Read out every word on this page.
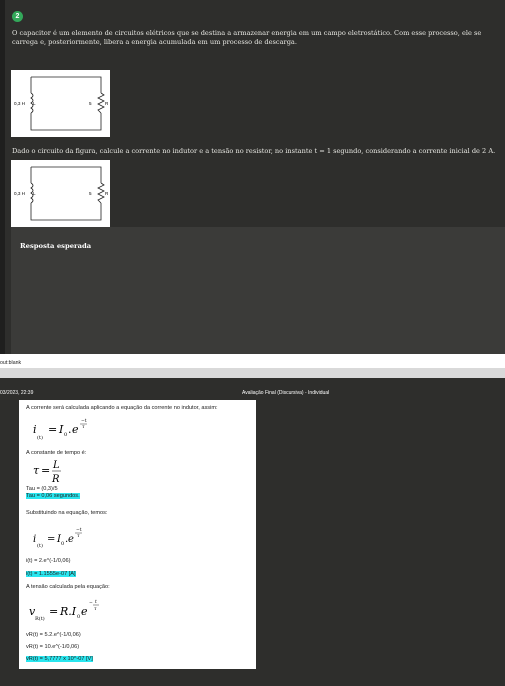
2

O capacitor é um elemento de circuitos elétricos que se destina a armazenar energia em um campo eletrostático. Com esse processo, ele se carrega e, posteriormente, libera a energia acumulada em um processo de descarga.

0,3 H L	5	R

Dado o circuito da figura, calcule a corrente no indutor e a tensão no resistor, no instante t = 1 segundo, considerando a corrente inicial de 2 A.

0,3 H L	5	R
Resposta esperada
out:blank
03/2023, 22:39	Avaliação Final (Discursiva) - Individual
A corrente será calculada aplicando a equação da corrente no indutor, assim:
i
(t)
= I 0 . e
−t
τ
A constante de tempo é:
τ = L
R
Tau = (0,3)/5
Tau = 0,06 segundos.
Substituindo na equação, temos:
i
(t)
= I 0 . e
−t
τ
i(t) = 2.e^(-1/0,06)
i(t) = 1.1555e-07 [A]
A tensão calculada pela equação:
v
R(t)
= R.I 0 e
− t
τ
vR(t) = 5.2.e^(-1/0,06)
vR(t) = 10.e^(-1/0,06)
vR(t) = 5,7777 x 10^-07 [V]
